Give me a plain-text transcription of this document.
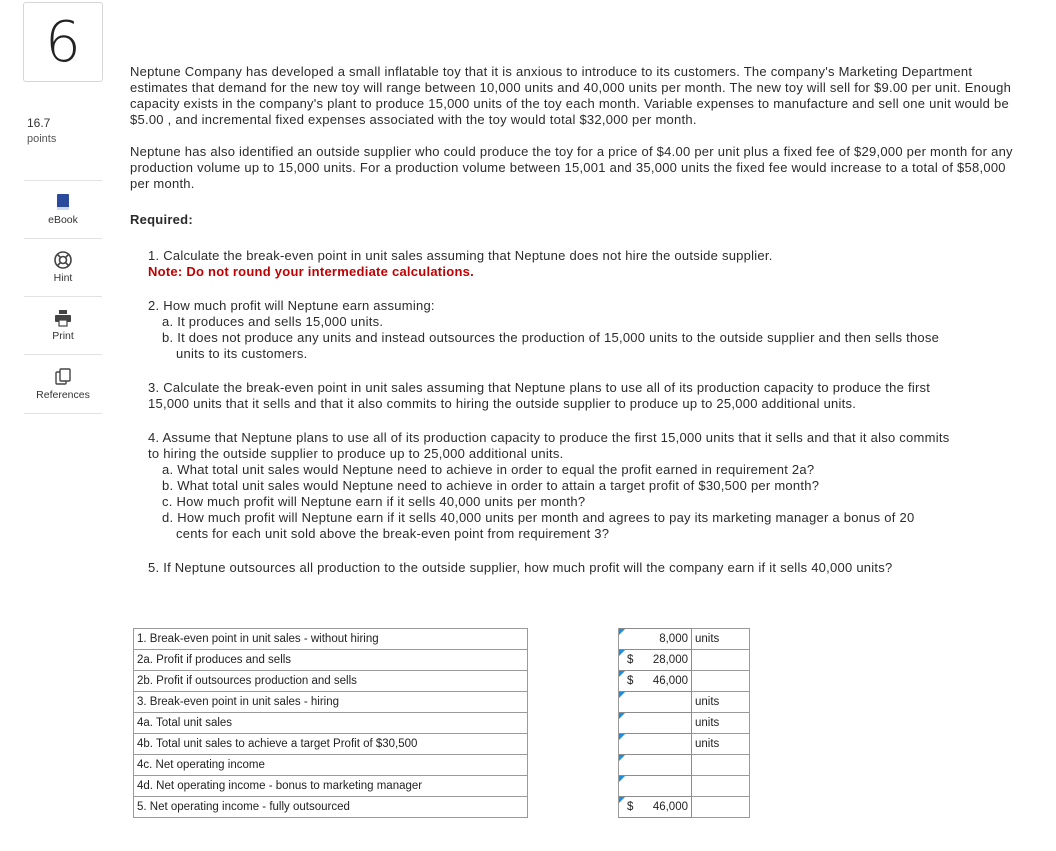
6
16.7
points
eBook
Hint
Print
References

Neptune Company has developed a small inflatable toy that it is anxious to introduce to its customers. The company's Marketing Department estimates that demand for the new toy will range between 10,000 units and 40,000 units per month. The new toy will sell for $9.00 per unit. Enough capacity exists in the company's plant to produce 15,000 units of the toy each month. Variable expenses to manufacture and sell one unit would be $5.00 , and incremental fixed expenses associated with the toy would total $32,000 per month.

Neptune has also identified an outside supplier who could produce the toy for a price of $4.00 per unit plus a fixed fee of $29,000 per month for any production volume up to 15,000 units. For a production volume between 15,001 and 35,000 units the fixed fee would increase to a total of $58,000 per month.

Required:

1. Calculate the break-even point in unit sales assuming that Neptune does not hire the outside supplier.
Note: Do not round your intermediate calculations.
2. How much profit will Neptune earn assuming:
a. It produces and sells 15,000 units.
b. It does not produce any units and instead outsources the production of 15,000 units to the outside supplier and then sells those
units to its customers.
3. Calculate the break-even point in unit sales assuming that Neptune plans to use all of its production capacity to produce the first
15,000 units that it sells and that it also commits to hiring the outside supplier to produce up to 25,000 additional units.
4. Assume that Neptune plans to use all of its production capacity to produce the first 15,000 units that it sells and that it also commits
to hiring the outside supplier to produce up to 25,000 additional units.
a. What total unit sales would Neptune need to achieve in order to equal the profit earned in requirement 2a?
b. What total unit sales would Neptune need to achieve in order to attain a target profit of $30,500 per month?
c. How much profit will Neptune earn if it sells 40,000 units per month?
d. How much profit will Neptune earn if it sells 40,000 units per month and agrees to pay its marketing manager a bonus of 20
cents for each unit sold above the break-even point from requirement 3?
5. If Neptune outsources all production to the outside supplier, how much profit will the company earn if it sells 40,000 units?
1. Break-even point in unit sales - without hiring		8,000	units
2a. Profit if produces and sells		$ 28,000	

2b. Profit if outsources production and sells		$ 46,000	

3. Break-even point in unit sales - hiring			units
4a. Total unit sales			units
4b. Total unit sales to achieve a target Profit of $30,500			units
4c. Net operating income		

4d. Net operating income - bonus to marketing manager		

5. Net operating income - fully outsourced		$ 46,000	
